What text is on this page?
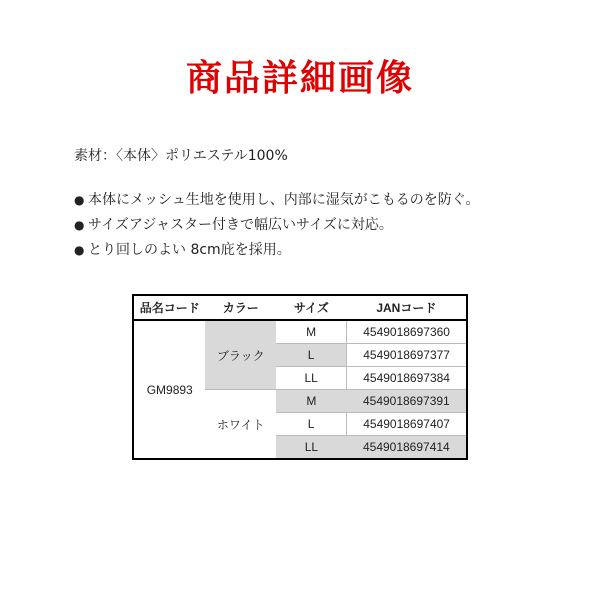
商品詳細画像
素材：〈本体〉ポリエステル100%
● 本体にメッシュ生地を使用し、内部に湿気がこもるのを防ぐ。
● サイズアジャスター付きで幅広いサイズに対応。
● とり回しのよい 8cm庇を採用。
品名コード	カラー	サイズ	JANコード
GM9893	ブラック	M	4549018697360
		L	4549018697377
		LL	4549018697384
	ホワイト	M	4549018697391
		L	4549018697407
		LL	4549018697414
